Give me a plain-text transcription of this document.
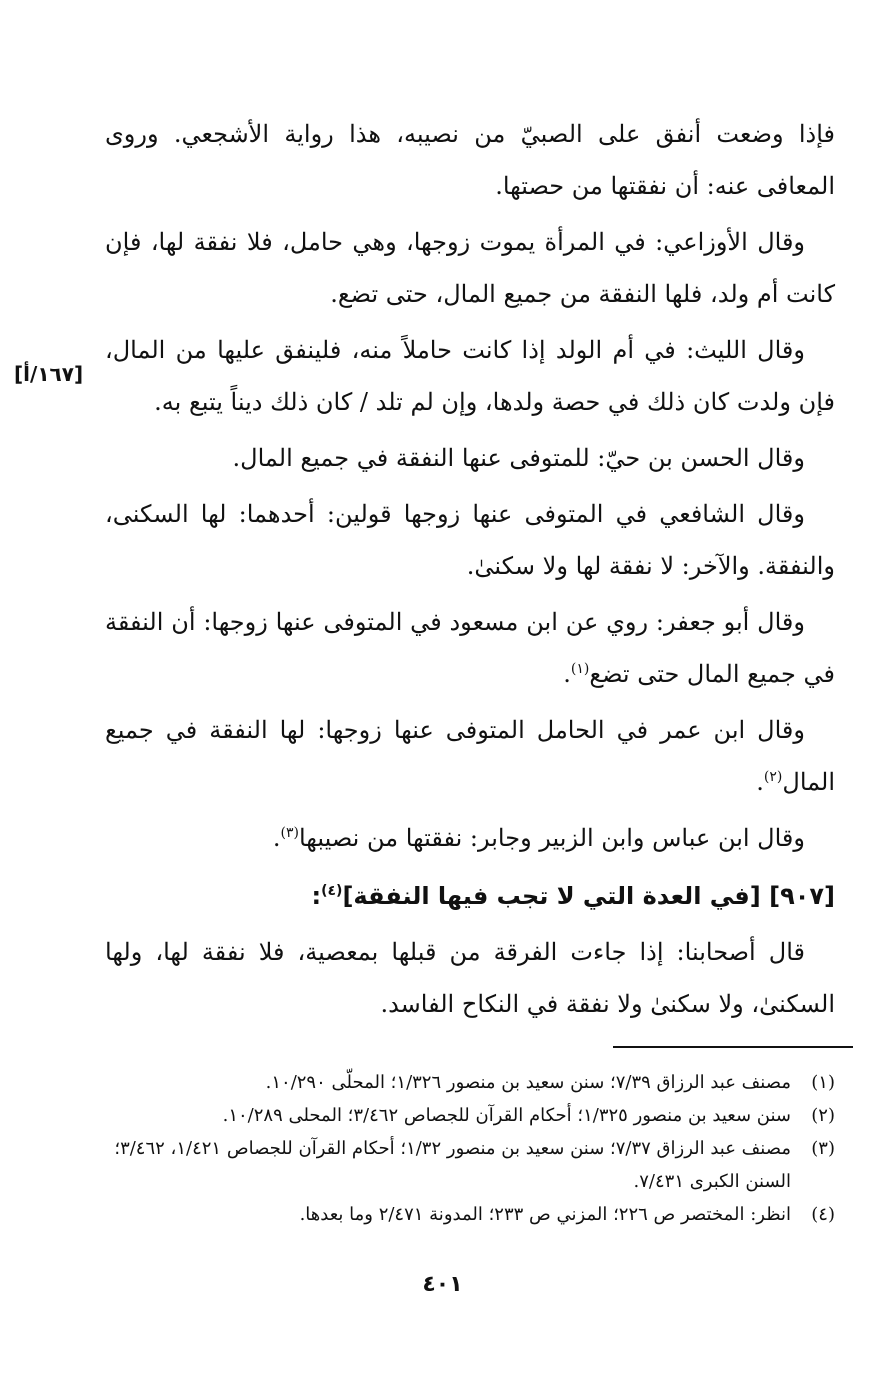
[١٦٧/أ]

فإذا وضعت أنفق على الصبيّ من نصيبه، هذا رواية الأشجعي. وروى المعافى عنه: أن نفقتها من حصتها.

وقال الأوزاعي: في المرأة يموت زوجها، وهي حامل، فلا نفقة لها، فإن كانت أم ولد، فلها النفقة من جميع المال، حتى تضع.

وقال الليث: في أم الولد إذا كانت حاملاً منه، فلينفق عليها من المال، فإن ولدت كان ذلك في حصة ولدها، وإن لم تلد / كان ذلك ديناً يتبع به.

وقال الحسن بن حيّ: للمتوفى عنها النفقة في جميع المال.

وقال الشافعي في المتوفى عنها زوجها قولين: أحدهما: لها السكنى، والنفقة. والآخر: لا نفقة لها ولا سكنىٰ.

وقال أبو جعفر: روي عن ابن مسعود في المتوفى عنها زوجها: أن النفقة في جميع المال حتى تضع$^{(١)}$.

وقال ابن عمر في الحامل المتوفى عنها زوجها: لها النفقة في جميع المال$^{(٢)}$.

وقال ابن عباس وابن الزبير وجابر: نفقتها من نصيبها$^{(٣)}$.

[٩٠٧] [في العدة التي لا تجب فيها النفقة]$^{(٤)}$:

قال أصحابنا: إذا جاءت الفرقة من قبلها بمعصية، فلا نفقة لها، ولها السكنىٰ، ولا سكنىٰ ولا نفقة في النكاح الفاسد.

(١)
مصنف عبد الرزاق ٧/٣٩؛ سنن سعيد بن منصور ١/٣٢٦؛ المحلّى ١٠/٢٩٠.
(٢)
سنن سعيد بن منصور ١/٣٢٥؛ أحكام القرآن للجصاص ٣/٤٦٢؛ المحلى ١٠/٢٨٩.
(٣)
مصنف عبد الرزاق ٧/٣٧؛ سنن سعيد بن منصور ١/٣٢؛ أحكام القرآن للجصاص ١/٤٢١، ٣/٤٦٢؛ السنن الكبرى ٧/٤٣١.
(٤)
انظر: المختصر ص ٢٢٦؛ المزني ص ٢٣٣؛ المدونة ٢/٤٧١ وما بعدها.
٤٠١
